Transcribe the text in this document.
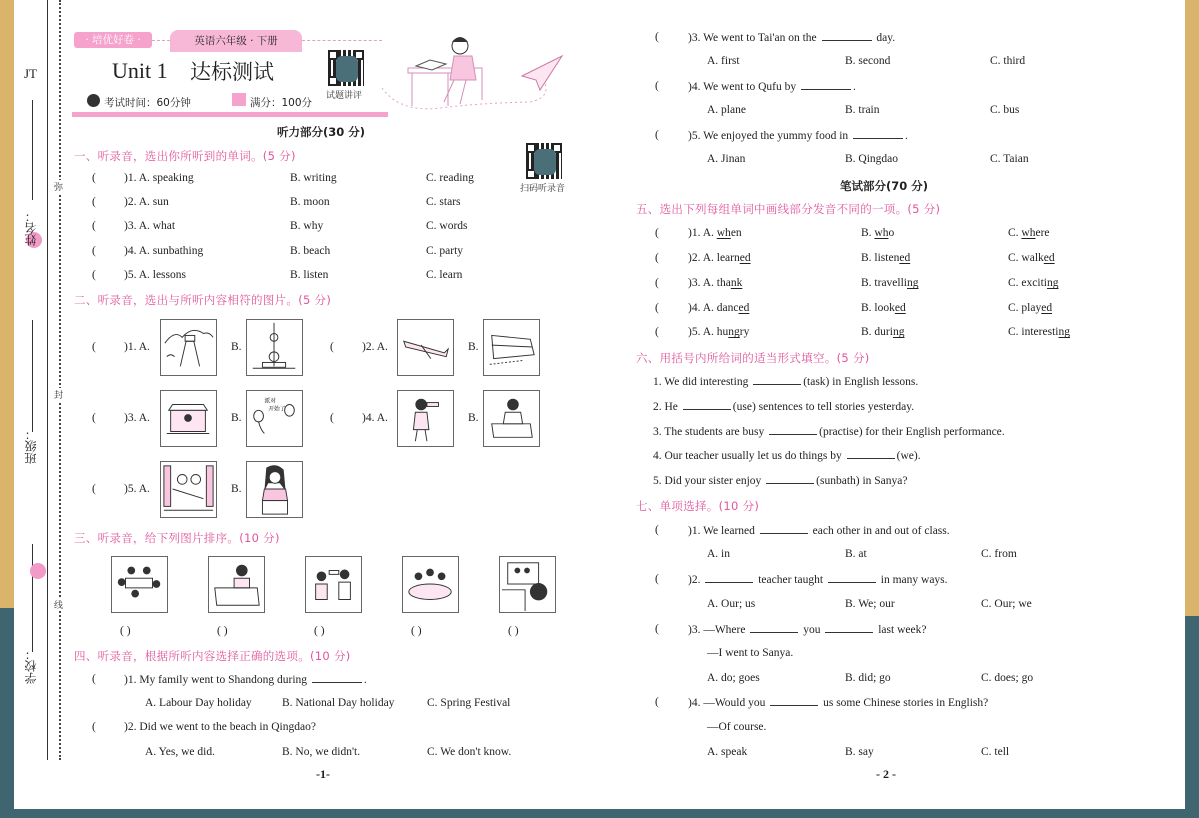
JT
姓名：
班级：
学校：
弥
封
线
· 培优好卷 ·	英语六年级 · 下册
Unit 1 达标测试
考试时间：60分钟	满分：100分
试题讲评
听力部分(30 分)
扫码听录音
一、听录音，选出你所听到的单词。(5 分)
( )1. A. speaking	B. writing	C. reading
( )2. A. sun	B. moon	C. stars
( )3. A. what	B. why	C. words
( )4. A. sunbathing	B. beach	C. party
( )5. A. lessons	B. listen	C. learn
二、听录音，选出与所听内容相符的图片。(5 分)
( )1. A.	B.	( )2. A.	B.
( )3. A.	B.
派对
开始了
( )4. A.	B.
( )5. A.	B.
三、听录音，给下列图片排序。(10 分)
( )	( )	( )	( )	( )
四、听录音，根据所听内容选择正确的选项。(10 分)
( )1. My family went to Shandong during	.
A. Labour Day holiday	B. National Day holiday	C. Spring Festival
( )2. Did we went to the beach in Qingdao?
A. Yes, we did.	B. No, we didn't.	C. We don't know.
-1-
(	)3. We went to Tai'an on the	day.
A. first	B. second	C. third
(	)4. We went to Qufu by	.
A. plane	B. train	C. bus
(	)5. We enjoyed the yummy food in	.
A. Jinan	B. Qingdao	C. Taian
笔试部分(70 分)
五、选出下列每组单词中画线部分发音不同的一项。(5 分)
(	)1. A. when	B. who	C. where
(	)2. A. learned	B. listened	C. walked
(	)3. A. thank	B. travelling	C. exciting
(	)4. A. danced	B. looked	C. played
(	)5. A. hungry	B. during	C. interesting
六、用括号内所给词的适当形式填空。(5 分)
1. We did interesting	(task) in English lessons.
2. He	(use) sentences to tell stories yesterday.
3. The students are busy	(practise) for their English performance.
4. Our teacher usually let us do things by	(we).
5. Did your sister enjoy	(sunbath) in Sanya?
七、单项选择。(10 分)
(	)1. We learned	each other in and out of class.
A. in	B. at	C. from
(	)2.	teacher taught	in many ways.
A. Our; us	B. We; our	C. Our; we
(	)3. —Where	you	last week?
—I went to Sanya.
A. do; goes	B. did; go	C. does; go
(	)4. —Would you	us some Chinese stories in English?
—Of course.
A. speak	B. say	C. tell
- 2 -
